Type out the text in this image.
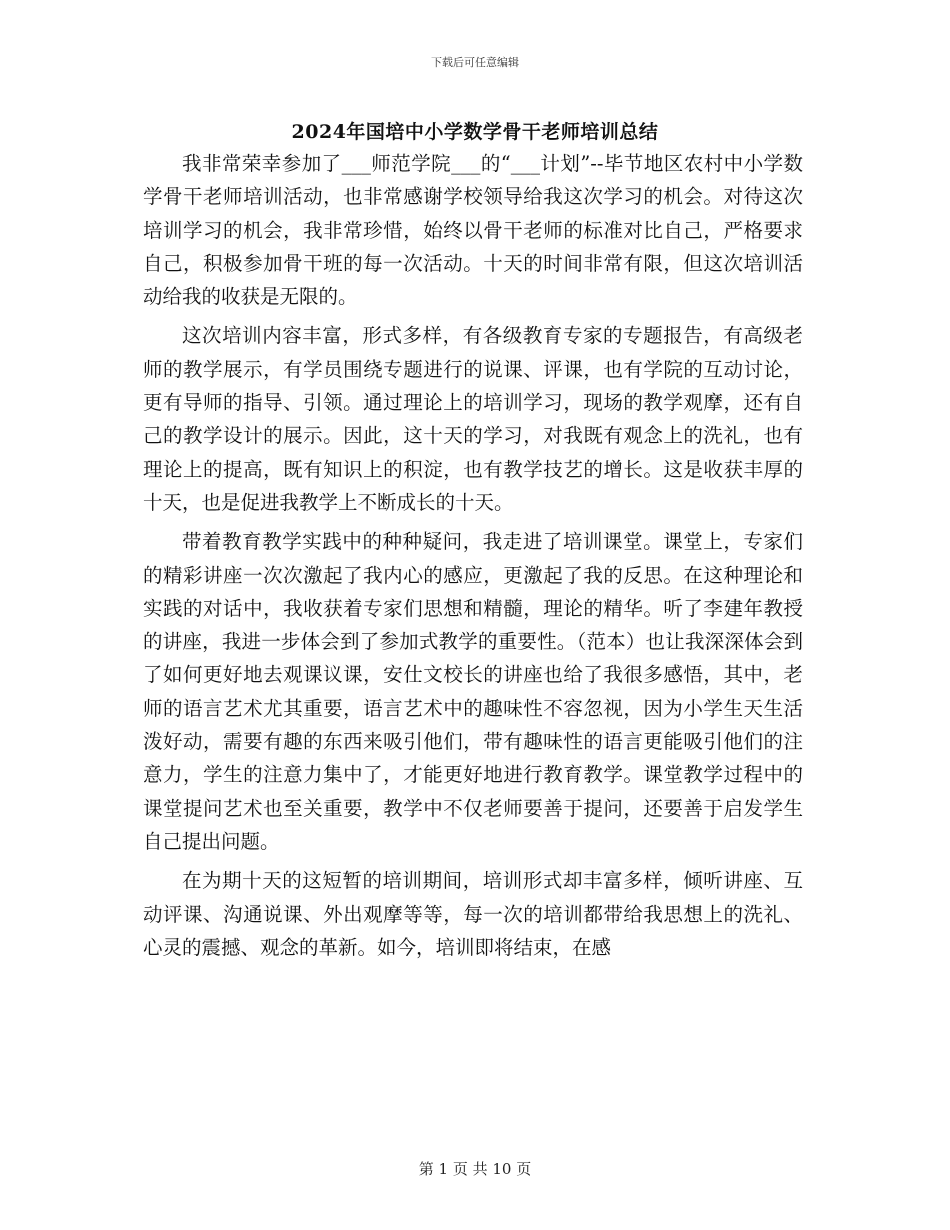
下载后可任意编辑
2024年国培中小学数学骨干老师培训总结

我非常荣幸参加了___师范学院___的“___计划”--毕节地区农村中小学数学骨干老师培训活动，也非常感谢学校领导给我这次学习的机会。对待这次培训学习的机会，我非常珍惜，始终以骨干老师的标准对比自己，严格要求自己，积极参加骨干班的每一次活动。十天的时间非常有限，但这次培训活动给我的收获是无限的。

这次培训内容丰富，形式多样，有各级教育专家的专题报告，有高级老师的教学展示，有学员围绕专题进行的说课、评课，也有学院的互动讨论，更有导师的指导、引领。通过理论上的培训学习，现场的教学观摩，还有自己的教学设计的展示。因此，这十天的学习，对我既有观念上的洗礼，也有理论上的提高，既有知识上的积淀，也有教学技艺的增长。这是收获丰厚的十天，也是促进我教学上不断成长的十天。

带着教育教学实践中的种种疑问，我走进了培训课堂。课堂上，专家们的精彩讲座一次次激起了我内心的感应，更激起了我的反思。在这种理论和实践的对话中，我收获着专家们思想和精髓，理论的精华。听了李建年教授的讲座，我进一步体会到了参加式教学的重要性。（范本）也让我深深体会到了如何更好地去观课议课，安仕文校长的讲座也给了我很多感悟，其中，老师的语言艺术尤其重要，语言艺术中的趣味性不容忽视，因为小学生天生活泼好动，需要有趣的东西来吸引他们，带有趣味性的语言更能吸引他们的注意力，学生的注意力集中了，才能更好地进行教育教学。课堂教学过程中的课堂提问艺术也至关重要，教学中不仅老师要善于提问，还要善于启发学生自己提出问题。

在为期十天的这短暂的培训期间，培训形式却丰富多样，倾听讲座、互动评课、沟通说课、外出观摩等等，每一次的培训都带给我思想上的洗礼、心灵的震撼、观念的革新。如今，培训即将结束，在感

第 1 页 共 10 页
